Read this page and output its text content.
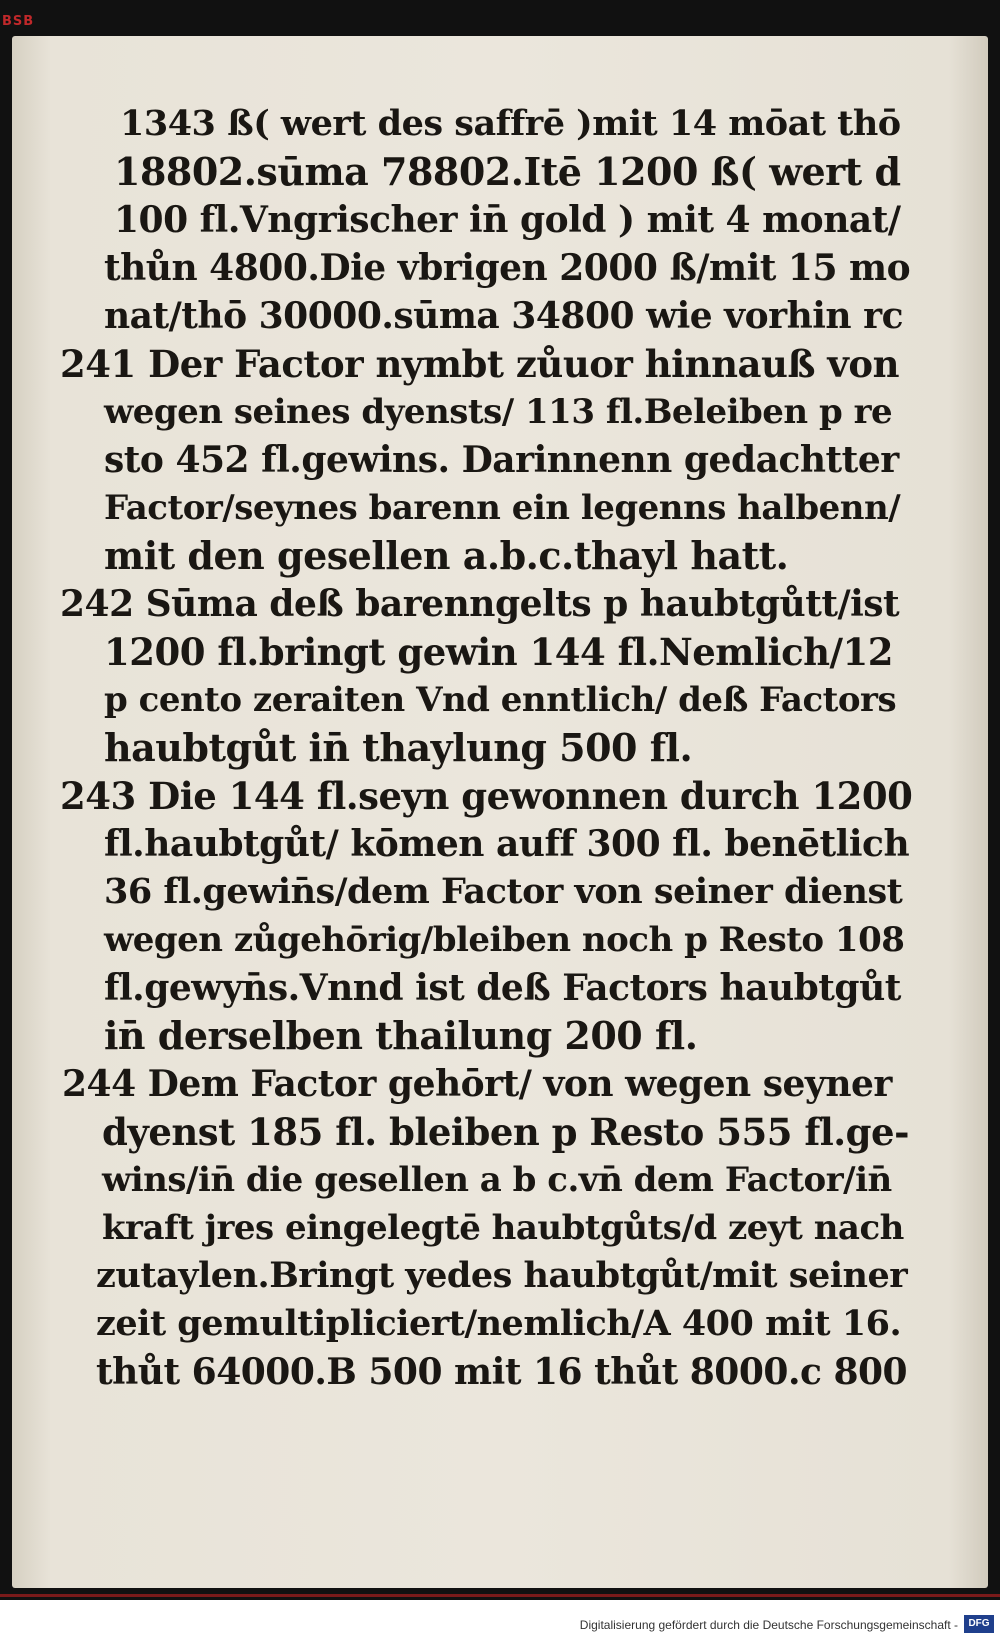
BSB
1343 ß( wert des saffrē )mit 14 mōat thō
18802.sūma 78802.Itē 1200 ß( wert d
100 fl.Vngrischer in̄ gold ) mit 4 monat/
thůn 4800.Die vbrigen 2000 ß/mit 15 mo
nat/thō 30000.sūma 34800 wie vorhin rc
241 Der Factor nymbt zůuor hinnauß von
wegen seines dyensts/ 113 fl.Beleiben p re
sto 452 fl.gewins. Darinnenn gedachtter
Factor/seynes barenn ein legenns halbenn/
mit den gesellen a.b.c.thayl hatt.
242 Sūma deß barenngelts p haubtgůtt/ist
1200 fl.bringt gewin 144 fl.Nemlich/12
p cento zeraiten Vnd enntlich/ deß Factors
haubtgůt in̄ thaylung 500 fl.
243 Die 144 fl.seyn gewonnen durch 1200
fl.haubtgůt/ kōmen auff 300 fl. benētlich
36 fl.gewin̄s/dem Factor von seiner dienst
wegen zůgehōrig/bleiben noch p Resto 108
fl.gewyn̄s.Vnnd ist deß Factors haubtgůt
in̄ derselben thailung 200 fl.
244 Dem Factor gehōrt/ von wegen seyner
dyenst 185 fl. bleiben p Resto 555 fl.ge-
wins/in̄ die gesellen a b c.vn̄ dem Factor/in̄
kraft jres eingelegtē haubtgůts/d zeyt nach
zutaylen.Bringt yedes haubtgůt/mit seiner
zeit gemultipliciert/nemlich/A 400 mit 16.
thůt 64000.B 500 mit 16 thůt 8000.c 800
Digitalisierung gefördert durch die Deutsche Forschungsgemeinschaft -	DFG
